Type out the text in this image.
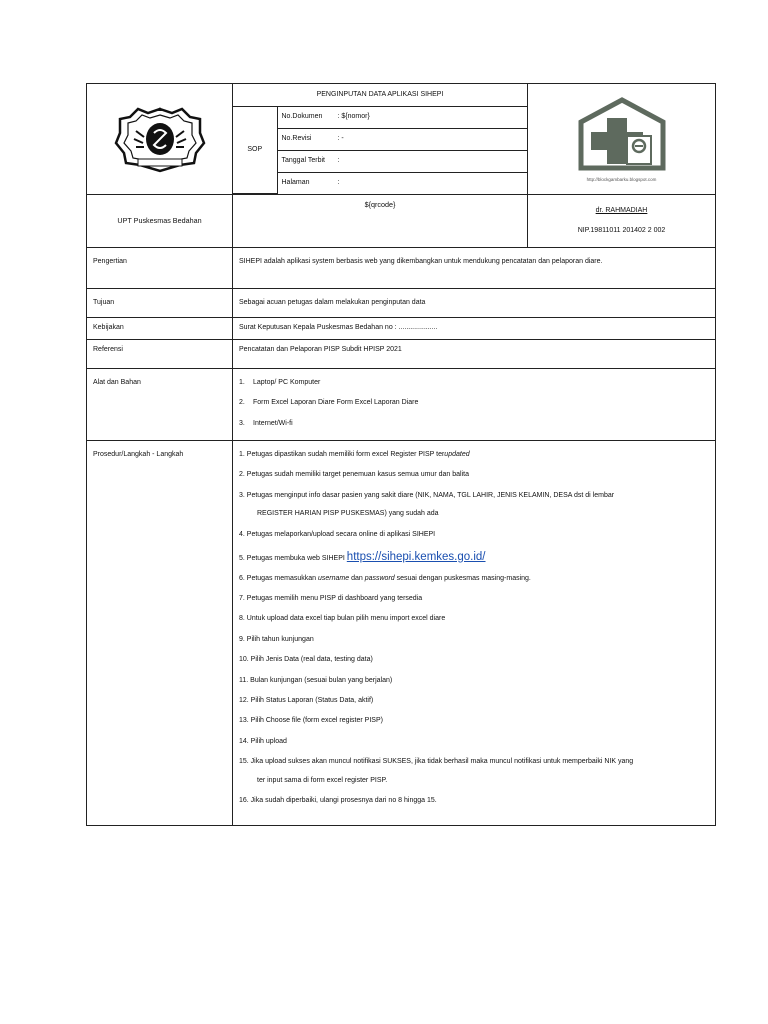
PENGINPUTAN DATA APLIKASI SIHEPI
SOP	No.Dokumen : ${nomor}
No.Revisi	: -
Tanggal Terbit :
Halaman	:
		http://blockgambarku.blogspot.com

UPT Puskesmas Bedahan	${qrcode}	
dr. RAHMADIAH
NIP.19811011 201402 2 002

Pengertian	SIHEPI adalah aplikasi system berbasis web yang dikembangkan untuk mendukung pencatatan dan pelaporan diare.
Tujuan	Sebagai acuan petugas dalam melakukan penginputan data
Kebijakan	Surat Keputusan Kepala Puskesmas Bedahan no : ....................
Referensi	Pencatatan dan Pelaporan PISP Subdit HPISP 2021
Alat dan Bahan	1. Laptop/ PC Komputer
2. Form Excel Laporan Diare Form Excel Laporan Diare
3. Internet/Wi-fi

Prosedur/Langkah - Langkah	1. Petugas dipastikan sudah memiliki form excel Register PISP terupdated

2. Petugas sudah memiliki target penemuan kasus semua umur dan balita

3. Petugas menginput info dasar pasien yang sakit diare (NIK, NAMA, TGL LAHIR, JENIS KELAMIN, DESA dst di lembar

REGISTER HARIAN PISP PUSKESMAS) yang sudah ada

4. Petugas melaporkan/upload secara online di aplikasi SIHEPI

5. Petugas membuka web SIHEPI https://sihepi.kemkes.go.id/

6. Petugas memasukkan username dan password sesuai dengan puskesmas masing-masing.

7. Petugas memilih menu PISP di dashboard yang tersedia

8. Untuk upload data excel tiap bulan pilih menu import excel diare

9. Pilih tahun kunjungan

10. Pilih Jenis Data (real data, testing data)

11. Bulan kunjungan (sesuai bulan yang berjalan)

12. Pilih Status Laporan (Status Data, aktif)

13. Pilih Choose file (form excel register PISP)

14. Pilih upload

15. Jika upload sukses akan muncul notifikasi SUKSES, jika tidak berhasil maka muncul notifikasi untuk memperbaiki NIK yang

ter input sama di form excel register PISP.

16. Jika sudah diperbaiki, ulangi prosesnya dari no 8 hingga 15.
